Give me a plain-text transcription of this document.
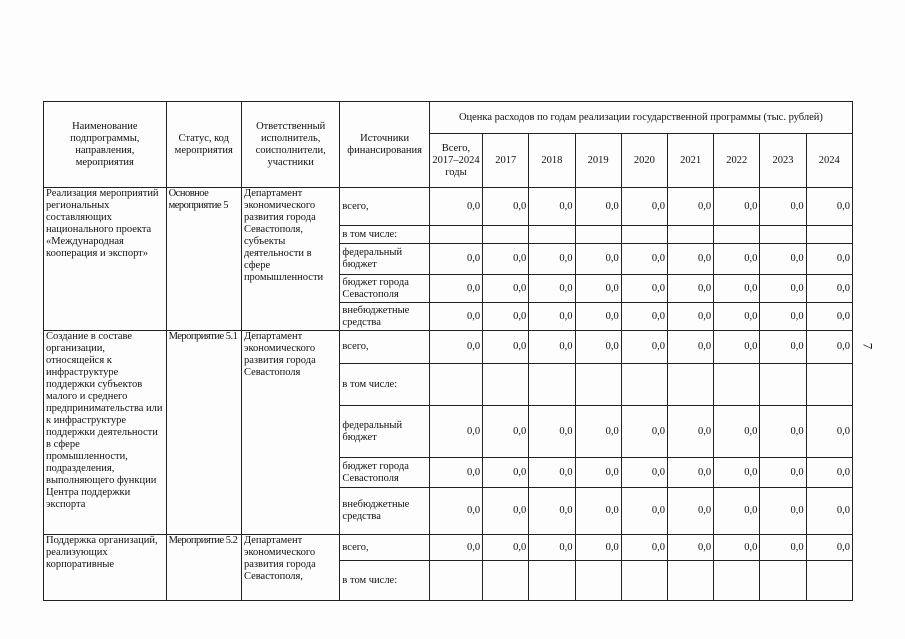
Наименование подпрограммы, направления, мероприятия	Статус, код мероприятия	Ответственный исполнитель, соисполнители, участники	Источники финансирования	Оценка расходов по годам реализации государственной программы (тыс. рублей)								
				Всего, 2017–2024 годы	2017	2018	2019	2020	2021	2022	2023	2024
Реализация мероприятий региональных составляющих национального проекта «Международная кооперация и экспорт»	Основное мероприятие 5	Департамент экономического развития города Севастополя, субъекты деятельности в сфере промышленности	всего,	0,0	0,0	0,0	0,0	0,0	0,0	0,0	0,0	0,0
			в том числе:									
			федеральный бюджет	0,0	0,0	0,0	0,0	0,0	0,0	0,0	0,0	0,0
			бюджет города Севастополя	0,0	0,0	0,0	0,0	0,0	0,0	0,0	0,0	0,0
			внебюджетные средства	0,0	0,0	0,0	0,0	0,0	0,0	0,0	0,0	0,0
Создание в составе организации, относящейся к инфраструктуре поддержки субъектов малого и среднего предпринимательства или к инфраструктуре поддержки деятельности в сфере промышленности, подразделения, выполняющего функции Центра поддержки экспорта	Мероприятие 5.1	Департамент экономического развития города Севастополя	всего,	0,0	0,0	0,0	0,0	0,0	0,0	0,0	0,0	0,0
			в том числе:									
			федеральный бюджет	0,0	0,0	0,0	0,0	0,0	0,0	0,0	0,0	0,0
			бюджет города Севастополя	0,0	0,0	0,0	0,0	0,0	0,0	0,0	0,0	0,0
			внебюджетные средства	0,0	0,0	0,0	0,0	0,0	0,0	0,0	0,0	0,0
Поддержка организаций, реализующих корпоративные	Мероприятие 5.2	Департамент экономического развития города Севастополя,	всего,	0,0	0,0	0,0	0,0	0,0	0,0	0,0	0,0	0,0
			в том числе:									
7
